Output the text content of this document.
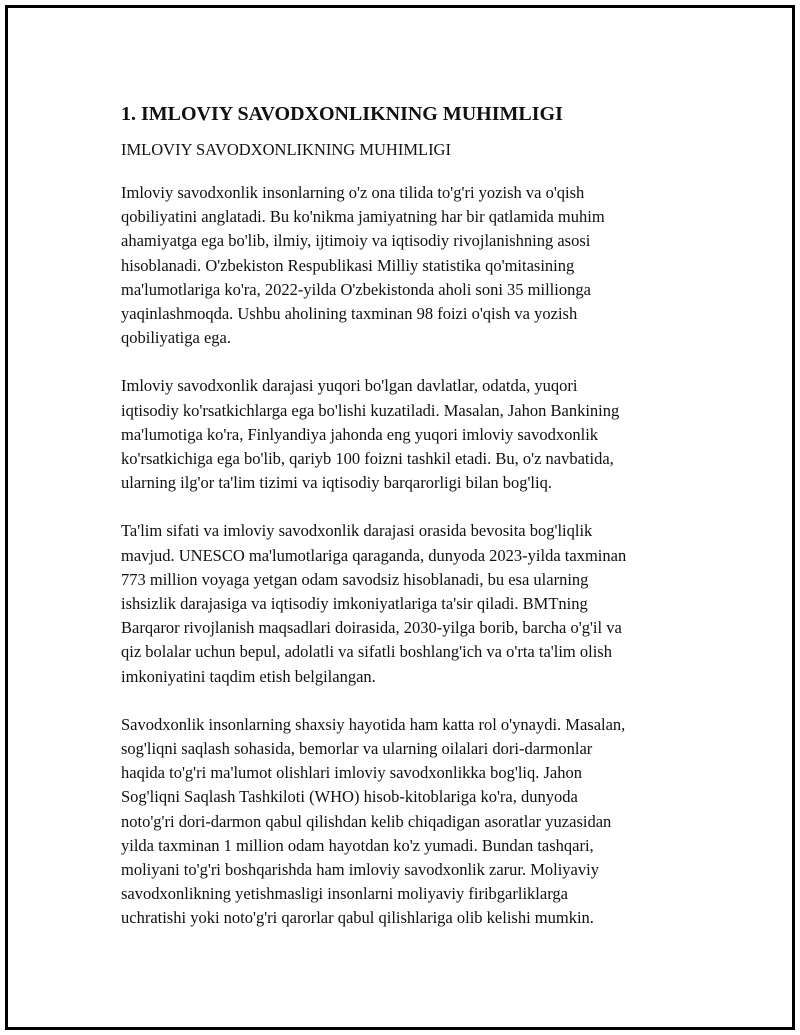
1. IMLOVIY SAVODXONLIKNING MUHIMLIGI
IMLOVIY SAVODXONLIKNING MUHIMLIGI

Imloviy savodxonlik insonlarning o'z ona tilida to'g'ri yozish va o'qish
qobiliyatini anglatadi. Bu ko'nikma jamiyatning har bir qatlamida muhim
ahamiyatga ega bo'lib, ilmiy, ijtimoiy va iqtisodiy rivojlanishning asosi
hisoblanadi. O'zbekiston Respublikasi Milliy statistika qo'mitasining
ma'lumotlariga ko'ra, 2022-yilda O'zbekistonda aholi soni 35 millionga
yaqinlashmoqda. Ushbu aholining taxminan 98 foizi o'qish va yozish
qobiliyatiga ega.

Imloviy savodxonlik darajasi yuqori bo'lgan davlatlar, odatda, yuqori
iqtisodiy ko'rsatkichlarga ega bo'lishi kuzatiladi. Masalan, Jahon Bankining
ma'lumotiga ko'ra, Finlyandiya jahonda eng yuqori imloviy savodxonlik
ko'rsatkichiga ega bo'lib, qariyb 100 foizni tashkil etadi. Bu, o'z navbatida,
ularning ilg'or ta'lim tizimi va iqtisodiy barqarorligi bilan bog'liq.

Ta'lim sifati va imloviy savodxonlik darajasi orasida bevosita bog'liqlik
mavjud. UNESCO ma'lumotlariga qaraganda, dunyoda 2023-yilda taxminan
773 million voyaga yetgan odam savodsiz hisoblanadi, bu esa ularning
ishsizlik darajasiga va iqtisodiy imkoniyatlariga ta'sir qiladi. BMTning
Barqaror rivojlanish maqsadlari doirasida, 2030-yilga borib, barcha o'g'il va
qiz bolalar uchun bepul, adolatli va sifatli boshlang'ich va o'rta ta'lim olish
imkoniyatini taqdim etish belgilangan.

Savodxonlik insonlarning shaxsiy hayotida ham katta rol o'ynaydi. Masalan,
sog'liqni saqlash sohasida, bemorlar va ularning oilalari dori-darmonlar
haqida to'g'ri ma'lumot olishlari imloviy savodxonlikka bog'liq. Jahon
Sog'liqni Saqlash Tashkiloti (WHO) hisob-kitoblariga ko'ra, dunyoda
noto'g'ri dori-darmon qabul qilishdan kelib chiqadigan asoratlar yuzasidan
yilda taxminan 1 million odam hayotdan ko'z yumadi. Bundan tashqari,
moliyani to'g'ri boshqarishda ham imloviy savodxonlik zarur. Moliyaviy
savodxonlikning yetishmasligi insonlarni moliyaviy firibgarliklarga
uchratishi yoki noto'g'ri qarorlar qabul qilishlariga olib kelishi mumkin.
